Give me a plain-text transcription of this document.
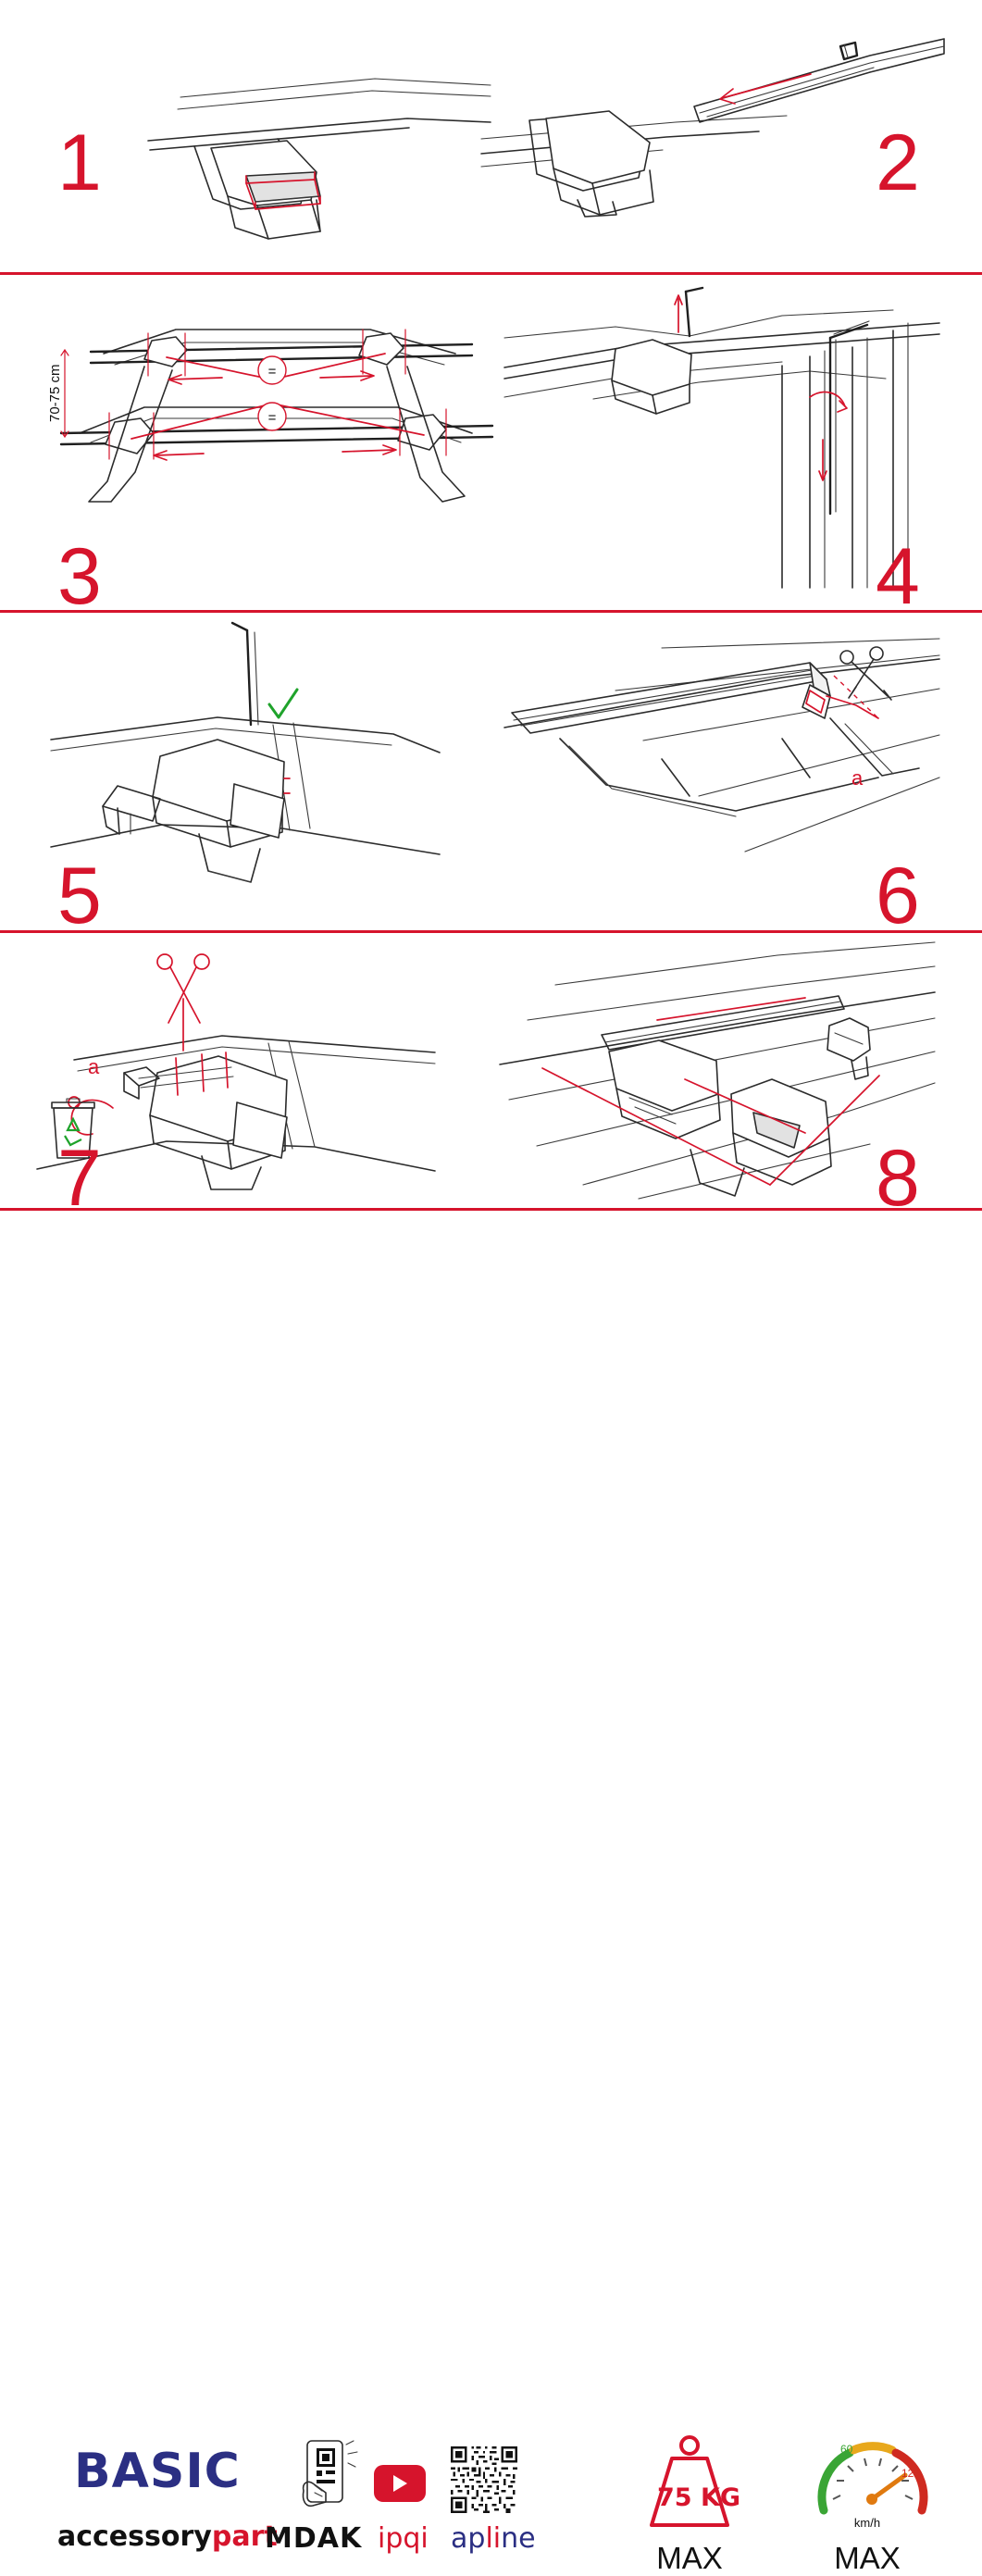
1	2
=
=
70-75 cm
3	4
5	6
a
7
a
8
BASIC
accessorypart
MDAK ipqi apline
75 KG
MAX
60
120
km/h
MAX
